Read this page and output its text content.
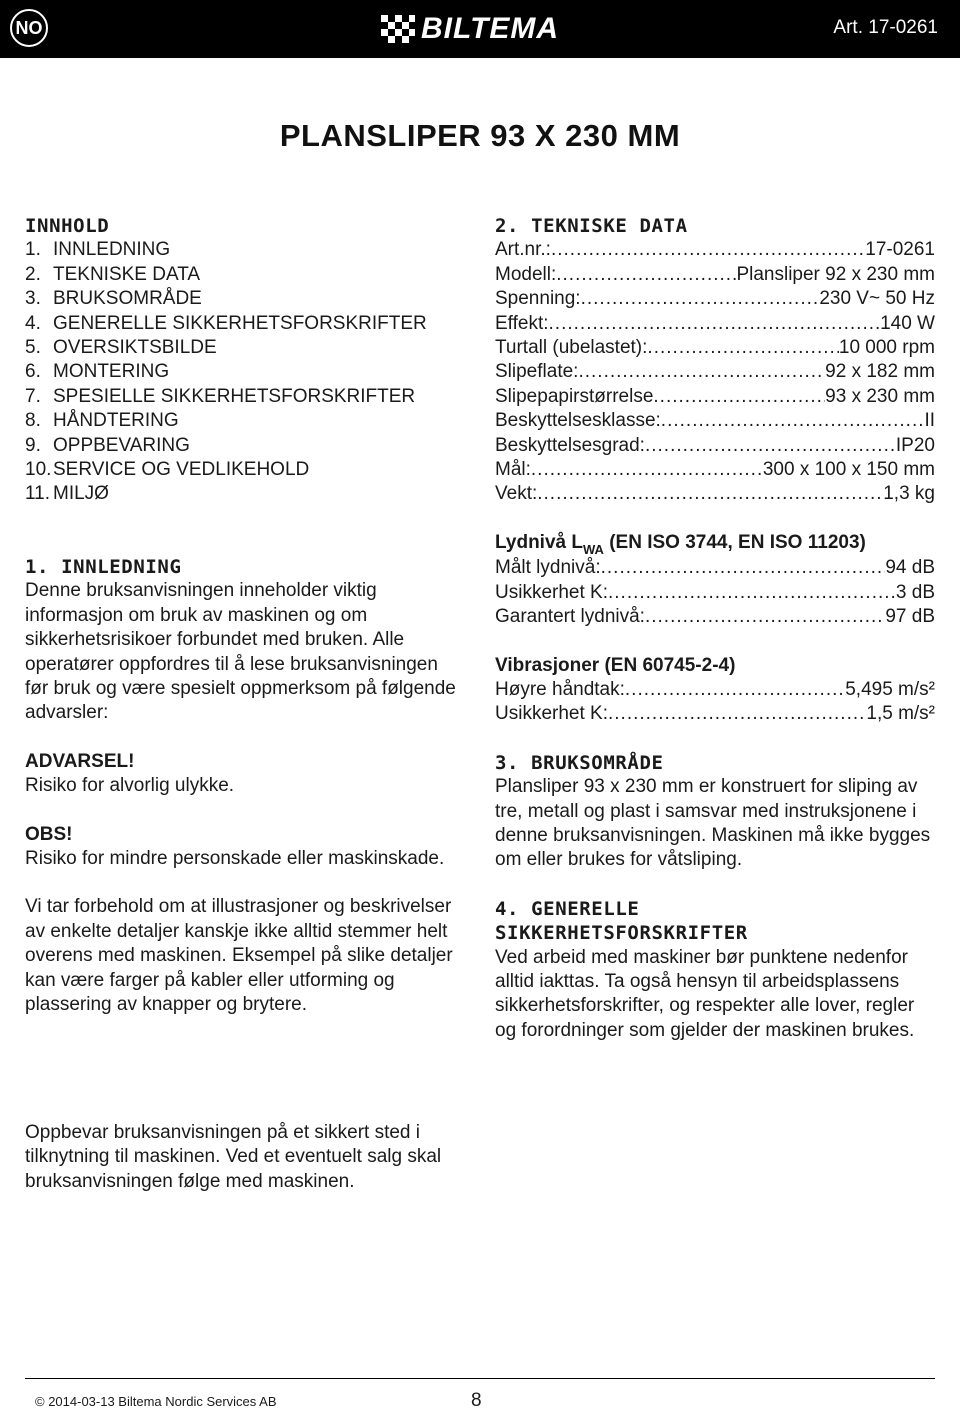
NO	BILTEMA	Art. 17-0261
PLANSLIPER 93 X 230 MM

INNHOLD

1. INNLEDNING
2. TEKNISKE DATA
3. BRUKSOMRÅDE
4. GENERELLE SIKKERHETSFORSKRIFTER
5. OVERSIKTSBILDE
6. MONTERING
7. SPESIELLE SIKKERHETSFORSKRIFTER
8. HÅNDTERING
9. OPPBEVARING
10. SERVICE OG VEDLIKEHOLD
11. MILJØ

1. INNLEDNING

Denne bruksanvisningen inneholder viktig informasjon om bruk av maskinen og om sikkerhetsrisikoer forbundet med bruken. Alle operatører oppfordres til å lese bruksanvisningen før bruk og være spesielt oppmerksom på følgende advarsler:

ADVARSEL!

Risiko for alvorlig ulykke.

OBS!

Risiko for mindre personskade eller maskinskade.

Vi tar forbehold om at illustrasjoner og beskrivelser av enkelte detaljer kanskje ikke alltid stemmer helt overens med maskinen. Eksempel på slike detaljer kan være farger på kabler eller utforming og plassering av knapper og brytere.

Oppbevar bruksanvisningen på et sikkert sted i tilknytning til maskinen. Ved et eventuelt salg skal bruksanvisningen følge med maskinen.

2. TEKNISKE DATA

Art.nr.: .....	17-0261
Modell: .....	Plansliper 92 x 230 mm
Spenning: .....	230 V~ 50 Hz
Effekt: .....	140 W
Turtall (ubelastet): .....	10 000 rpm
Slipeflate: .....	92 x 182 mm
Slipepapirstørrelse .....	93 x 230 mm
Beskyttelsesklasse: .....	II
Beskyttelsesgrad: .....	IP20
Mål: .....	300 x 100 x 150 mm
Vekt: .....	1,3 kg

Lydnivå $L_{WA}$ (EN ISO 3744, EN ISO 11203)

Målt lydnivå: .....	94 dB
Usikkerhet K: .....	3 dB
Garantert lydnivå: .....	97 dB

Vibrasjoner (EN 60745-2-4)

Høyre håndtak: .....	5,495 m/s²
Usikkerhet K: .....	1,5 m/s²

3. BRUKSOMRÅDE

Plansliper 93 x 230 mm er konstruert for sliping av tre, metall og plast i samsvar med instruksjonene i denne bruksanvisningen. Maskinen må ikke bygges om eller brukes for våtsliping.

4. GENERELLE

SIKKERHETSFORSKRIFTER

Ved arbeid med maskiner bør punktene nedenfor alltid iakttas. Ta også hensyn til arbeidsplassens sikkerhetsforskrifter, og respekter alle lover, regler og forordninger som gjelder der maskinen brukes.

© 2014-03-13 Biltema Nordic Services AB	8
